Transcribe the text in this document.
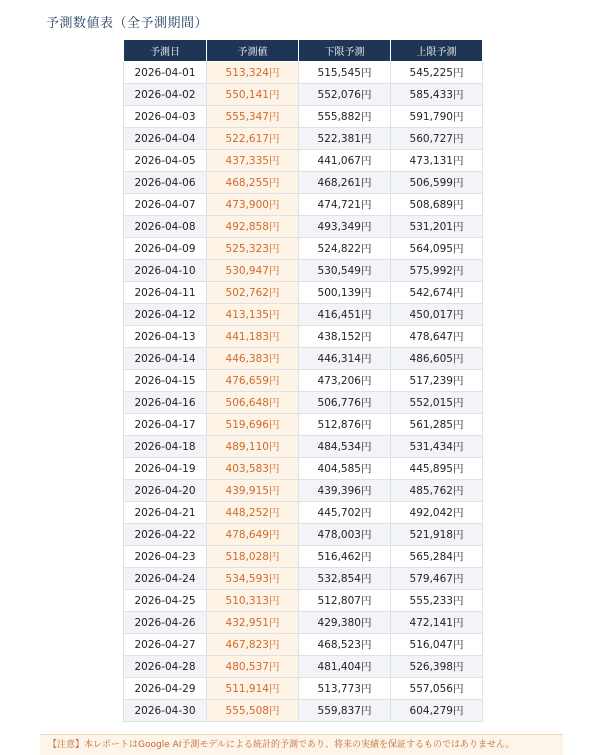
予測数値表（全予測期間）
予測日	予測値	下限予測	上限予測
2026-04-01	513,324円	515,545円	545,225円
2026-04-02	550,141円	552,076円	585,433円
2026-04-03	555,347円	555,882円	591,790円
2026-04-04	522,617円	522,381円	560,727円
2026-04-05	437,335円	441,067円	473,131円
2026-04-06	468,255円	468,261円	506,599円
2026-04-07	473,900円	474,721円	508,689円
2026-04-08	492,858円	493,349円	531,201円
2026-04-09	525,323円	524,822円	564,095円
2026-04-10	530,947円	530,549円	575,992円
2026-04-11	502,762円	500,139円	542,674円
2026-04-12	413,135円	416,451円	450,017円
2026-04-13	441,183円	438,152円	478,647円
2026-04-14	446,383円	446,314円	486,605円
2026-04-15	476,659円	473,206円	517,239円
2026-04-16	506,648円	506,776円	552,015円
2026-04-17	519,696円	512,876円	561,285円
2026-04-18	489,110円	484,534円	531,434円
2026-04-19	403,583円	404,585円	445,895円
2026-04-20	439,915円	439,396円	485,762円
2026-04-21	448,252円	445,702円	492,042円
2026-04-22	478,649円	478,003円	521,918円
2026-04-23	518,028円	516,462円	565,284円
2026-04-24	534,593円	532,854円	579,467円
2026-04-25	510,313円	512,807円	555,233円
2026-04-26	432,951円	429,380円	472,141円
2026-04-27	467,823円	468,523円	516,047円
2026-04-28	480,537円	481,404円	526,398円
2026-04-29	511,914円	513,773円	557,056円
2026-04-30	555,508円	559,837円	604,279円
【注意】本レポートはGoogle AI予測モデルによる統計的予測であり、将来の実績を保証するものではありません。
